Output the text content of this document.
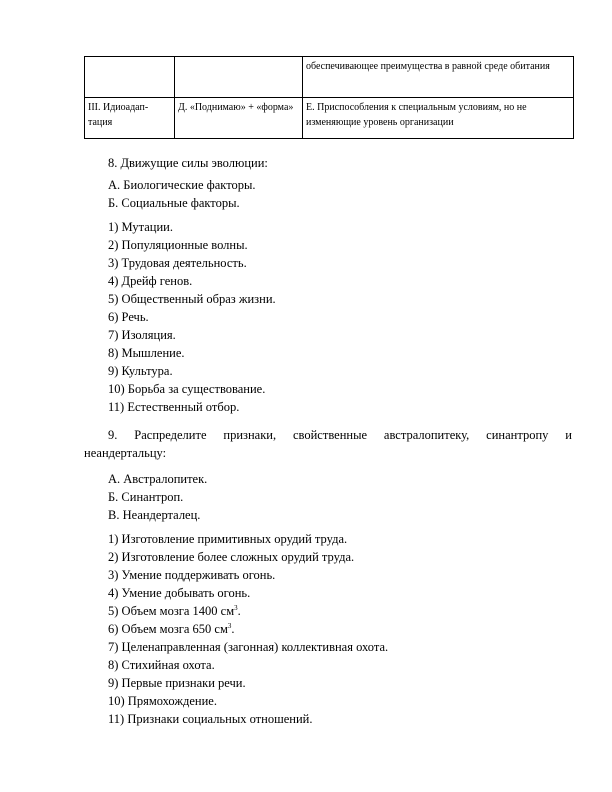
		обеспечивающее преимущества в равной среде обитания
III. Идиоадап-тация	Д. «Поднимаю» + «форма»	Е. Приспособления к специальным условиям, но не изменяющие уровень организации
8. Движущие силы эволюции:
А. Биологические факторы.
Б. Социальные факторы.
1) Мутации.
2) Популяционные волны.
3) Трудовая деятельность.
4) Дрейф генов.
5) Общественный образ жизни.
6) Речь.
7) Изоляция.
8) Мышление.
9) Культура.
10) Борьба за существование.
11) Естественный отбор.
9. Распределите признаки, свойственные австралопитеку, синантропу и неандертальцу:
А. Австралопитек.
Б. Синантроп.
В. Неандерталец.
1) Изготовление примитивных орудий труда.
2) Изготовление более сложных орудий труда.
3) Умение поддерживать огонь.
4) Умение добывать огонь.
5) Объем мозга 1400 $см^3$.
6) Объем мозга 650 $см^3$.
7) Целенаправленная (загонная) коллективная охота.
8) Стихийная охота.
9) Первые признаки речи.
10) Прямохождение.
11) Признаки социальных отношений.
